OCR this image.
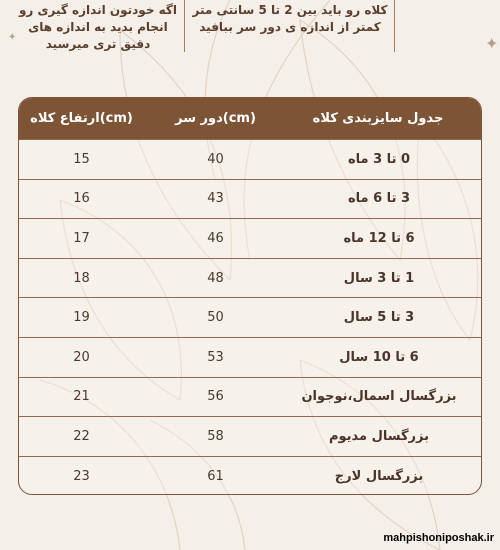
کلاه رو باید بین 2 تا 5 سانتی متر
کمتر از اندازه ی دور سر ببافید
اگه خودتون اندازه گیری رو
انجام بدید به اندازه های
دقیق تری میرسید	✦
✦
ارتفاع کلاه(cm)	دور سر(cm)	جدول سایزبندی کلاه
15	40	0 تا 3 ماه
16	43	3 تا 6 ماه
17	46	6 تا 12 ماه
18	48	1 تا 3 سال
19	50	3 تا 5 سال
20	53	6 تا 10 سال
21	56	بزرگسال اسمال،نوجوان
22	58	بزرگسال مدیوم
23	61	بزرگسال لارج
mahpishoniposhak.ir
